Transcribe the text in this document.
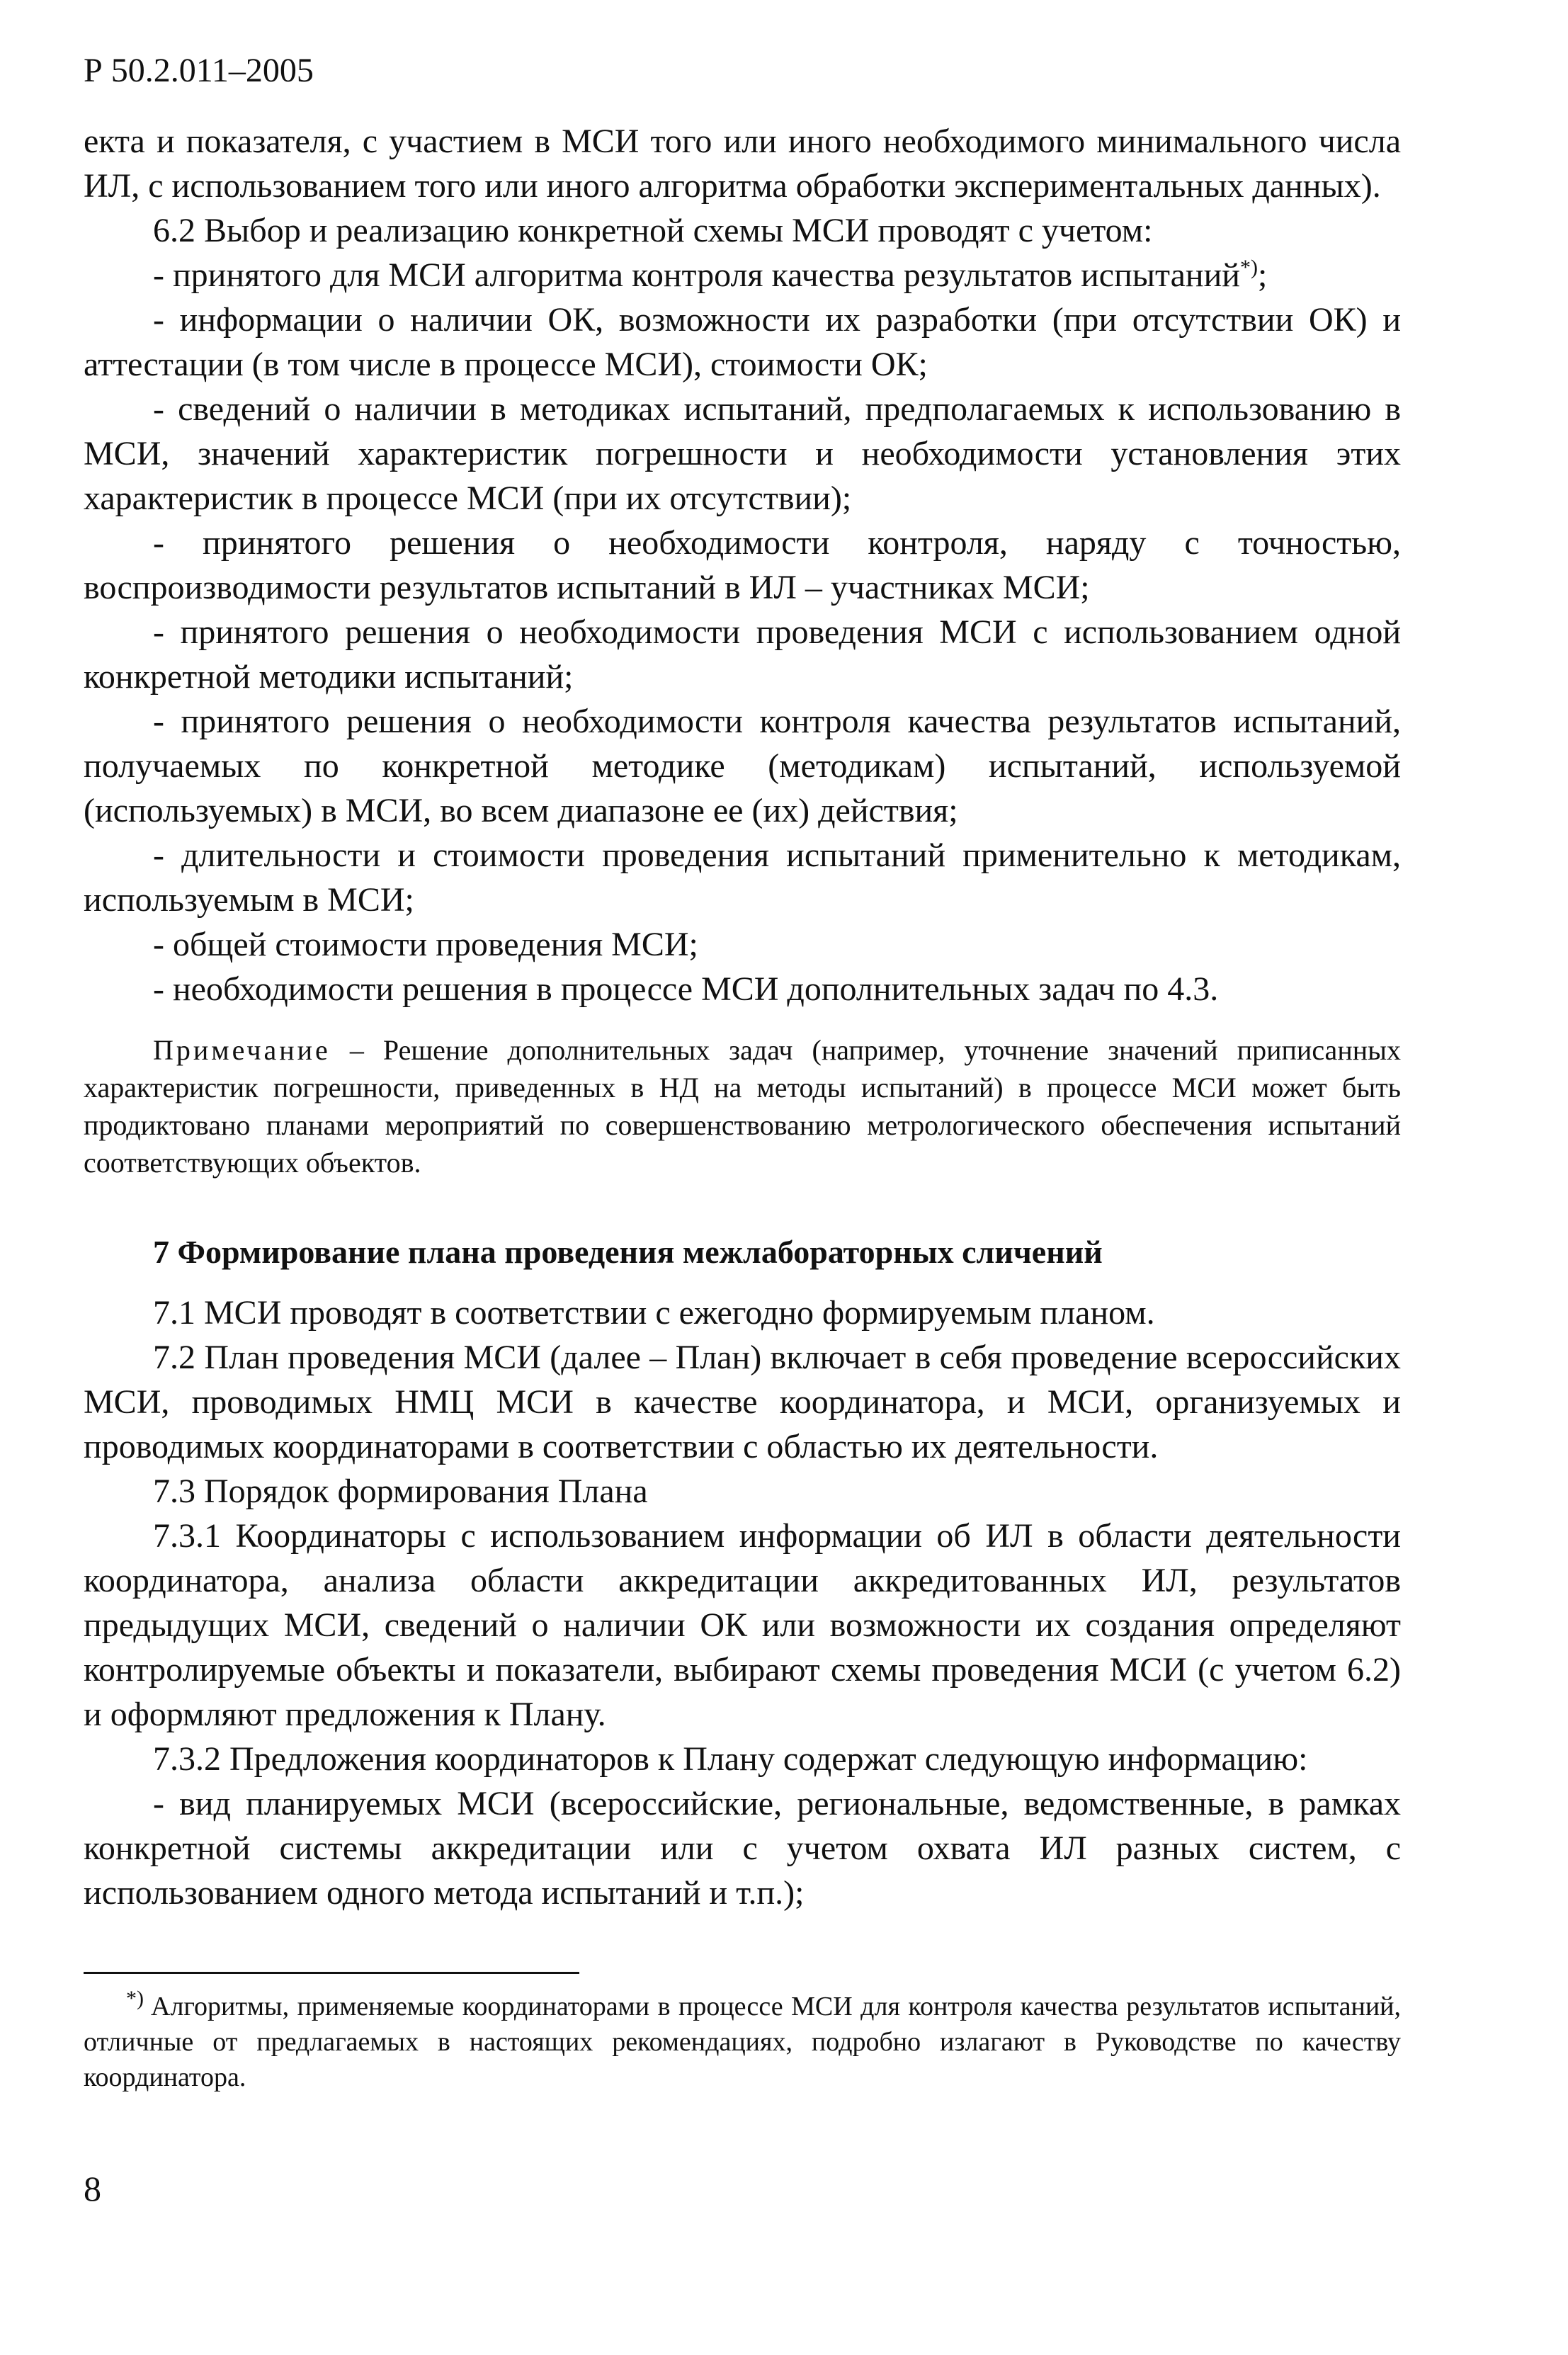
Р 50.2.011–2005

екта и показателя, с участием в МСИ того или иного необходимого минимального числа ИЛ, с использованием того или иного алгоритма обработки экспериментальных данных).

6.2 Выбор и реализацию конкретной схемы МСИ проводят с учетом:

- принятого для МСИ алгоритма контроля качества результатов испытаний*);

- информации о наличии ОК, возможности их разработки (при отсутствии ОК) и аттестации (в том числе в процессе МСИ), стоимости ОК;

- сведений о наличии в методиках испытаний, предполагаемых к использованию в МСИ, значений характеристик погрешности и необходимости установления этих характеристик в процессе МСИ (при их отсутствии);

- принятого решения о необходимости контроля, наряду с точностью, воспроизводимости результатов испытаний в ИЛ – участниках МСИ;

- принятого решения о необходимости проведения МСИ с использованием одной конкретной методики испытаний;

- принятого решения о необходимости контроля качества результатов испытаний, получаемых по конкретной методике (методикам) испытаний, используемой (используемых) в МСИ, во всем диапазоне ее (их) действия;

- длительности и стоимости проведения испытаний применительно к методикам, используемым в МСИ;

- общей стоимости проведения МСИ;

- необходимости решения в процессе МСИ дополнительных задач по 4.3.

Примечание – Решение дополнительных задач (например, уточнение значений приписанных характеристик погрешности, приведенных в НД на методы испытаний) в процессе МСИ может быть продиктовано планами мероприятий по совершенствованию метрологического обеспечения испытаний соответствующих объектов.
7 Формирование плана проведения межлабораторных сличений

7.1 МСИ проводят в соответствии с ежегодно формируемым планом.

7.2 План проведения МСИ (далее – План) включает в себя проведение всероссийских МСИ, проводимых НМЦ МСИ в качестве координатора, и МСИ, организуемых и проводимых координаторами в соответствии с областью их деятельности.

7.3 Порядок формирования Плана

7.3.1 Координаторы с использованием информации об ИЛ в области деятельности координатора, анализа области аккредитации аккредитованных ИЛ, результатов предыдущих МСИ, сведений о наличии ОК или возможности их создания определяют контролируемые объекты и показатели, выбирают схемы проведения МСИ (с учетом 6.2) и оформляют предложения к Плану.

7.3.2 Предложения координаторов к Плану содержат следующую информацию:

- вид планируемых МСИ (всероссийские, региональные, ведомственные, в рамках конкретной системы аккредитации или с учетом охвата ИЛ разных систем, с использованием одного метода испытаний и т.п.);

*) Алгоритмы, применяемые координаторами в процессе МСИ для контроля качества результатов испытаний, отличные от предлагаемых в настоящих рекомендациях, подробно излагают в Руководстве по качеству координатора.
8
